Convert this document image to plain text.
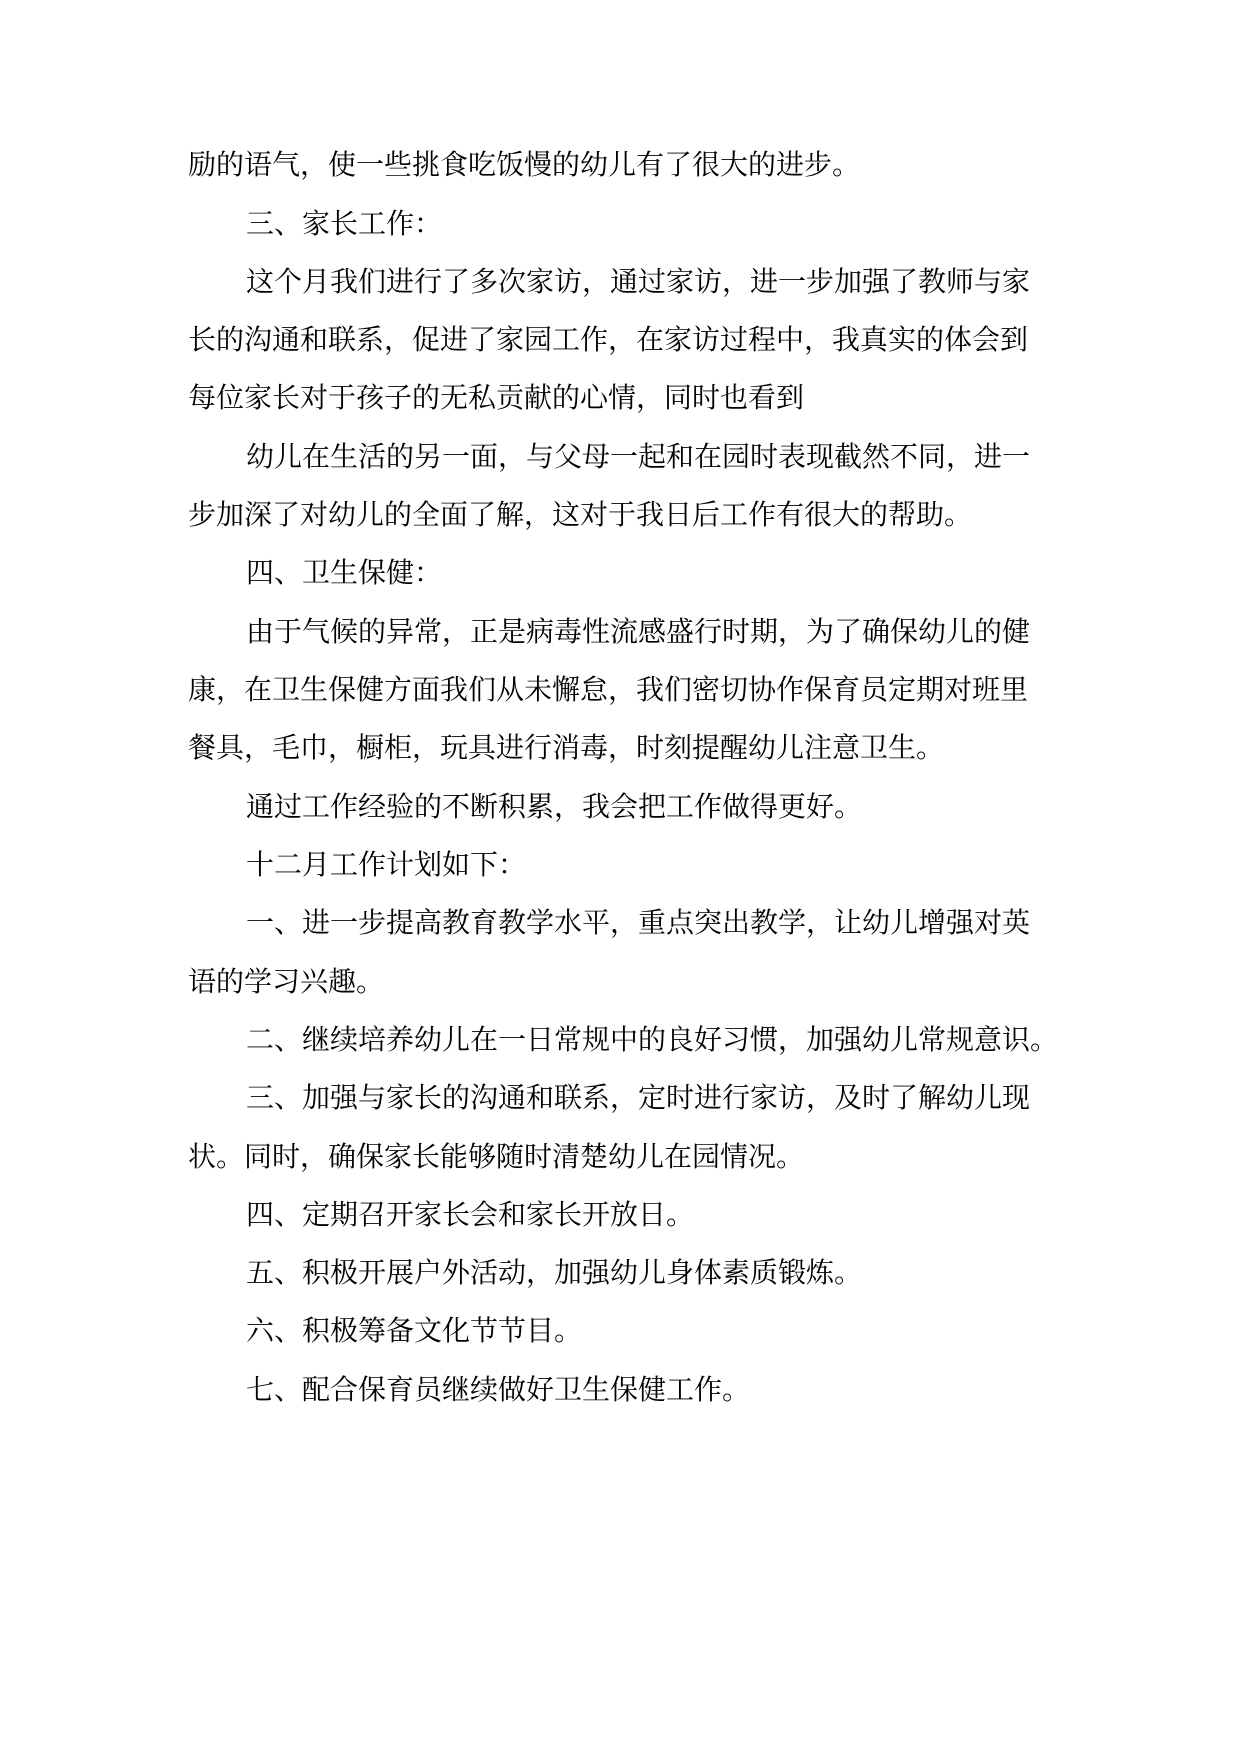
励的语气，使一些挑食吃饭慢的幼儿有了很大的进步。
三、家长工作：
这个月我们进行了多次家访，通过家访，进一步加强了教师与家
长的沟通和联系，促进了家园工作，在家访过程中，我真实的体会到
每位家长对于孩子的无私贡献的心情，同时也看到
幼儿在生活的另一面，与父母一起和在园时表现截然不同，进一
步加深了对幼儿的全面了解，这对于我日后工作有很大的帮助。
四、卫生保健：
由于气候的异常，正是病毒性流感盛行时期，为了确保幼儿的健
康，在卫生保健方面我们从未懈怠，我们密切协作保育员定期对班里
餐具，毛巾，橱柜，玩具进行消毒，时刻提醒幼儿注意卫生。
通过工作经验的不断积累，我会把工作做得更好。
十二月工作计划如下：
一、进一步提高教育教学水平，重点突出教学，让幼儿增强对英
语的学习兴趣。
二、继续培养幼儿在一日常规中的良好习惯，加强幼儿常规意识。
三、加强与家长的沟通和联系，定时进行家访，及时了解幼儿现
状。同时，确保家长能够随时清楚幼儿在园情况。
四、定期召开家长会和家长开放日。
五、积极开展户外活动，加强幼儿身体素质锻炼。
六、积极筹备文化节节目。
七、配合保育员继续做好卫生保健工作。
